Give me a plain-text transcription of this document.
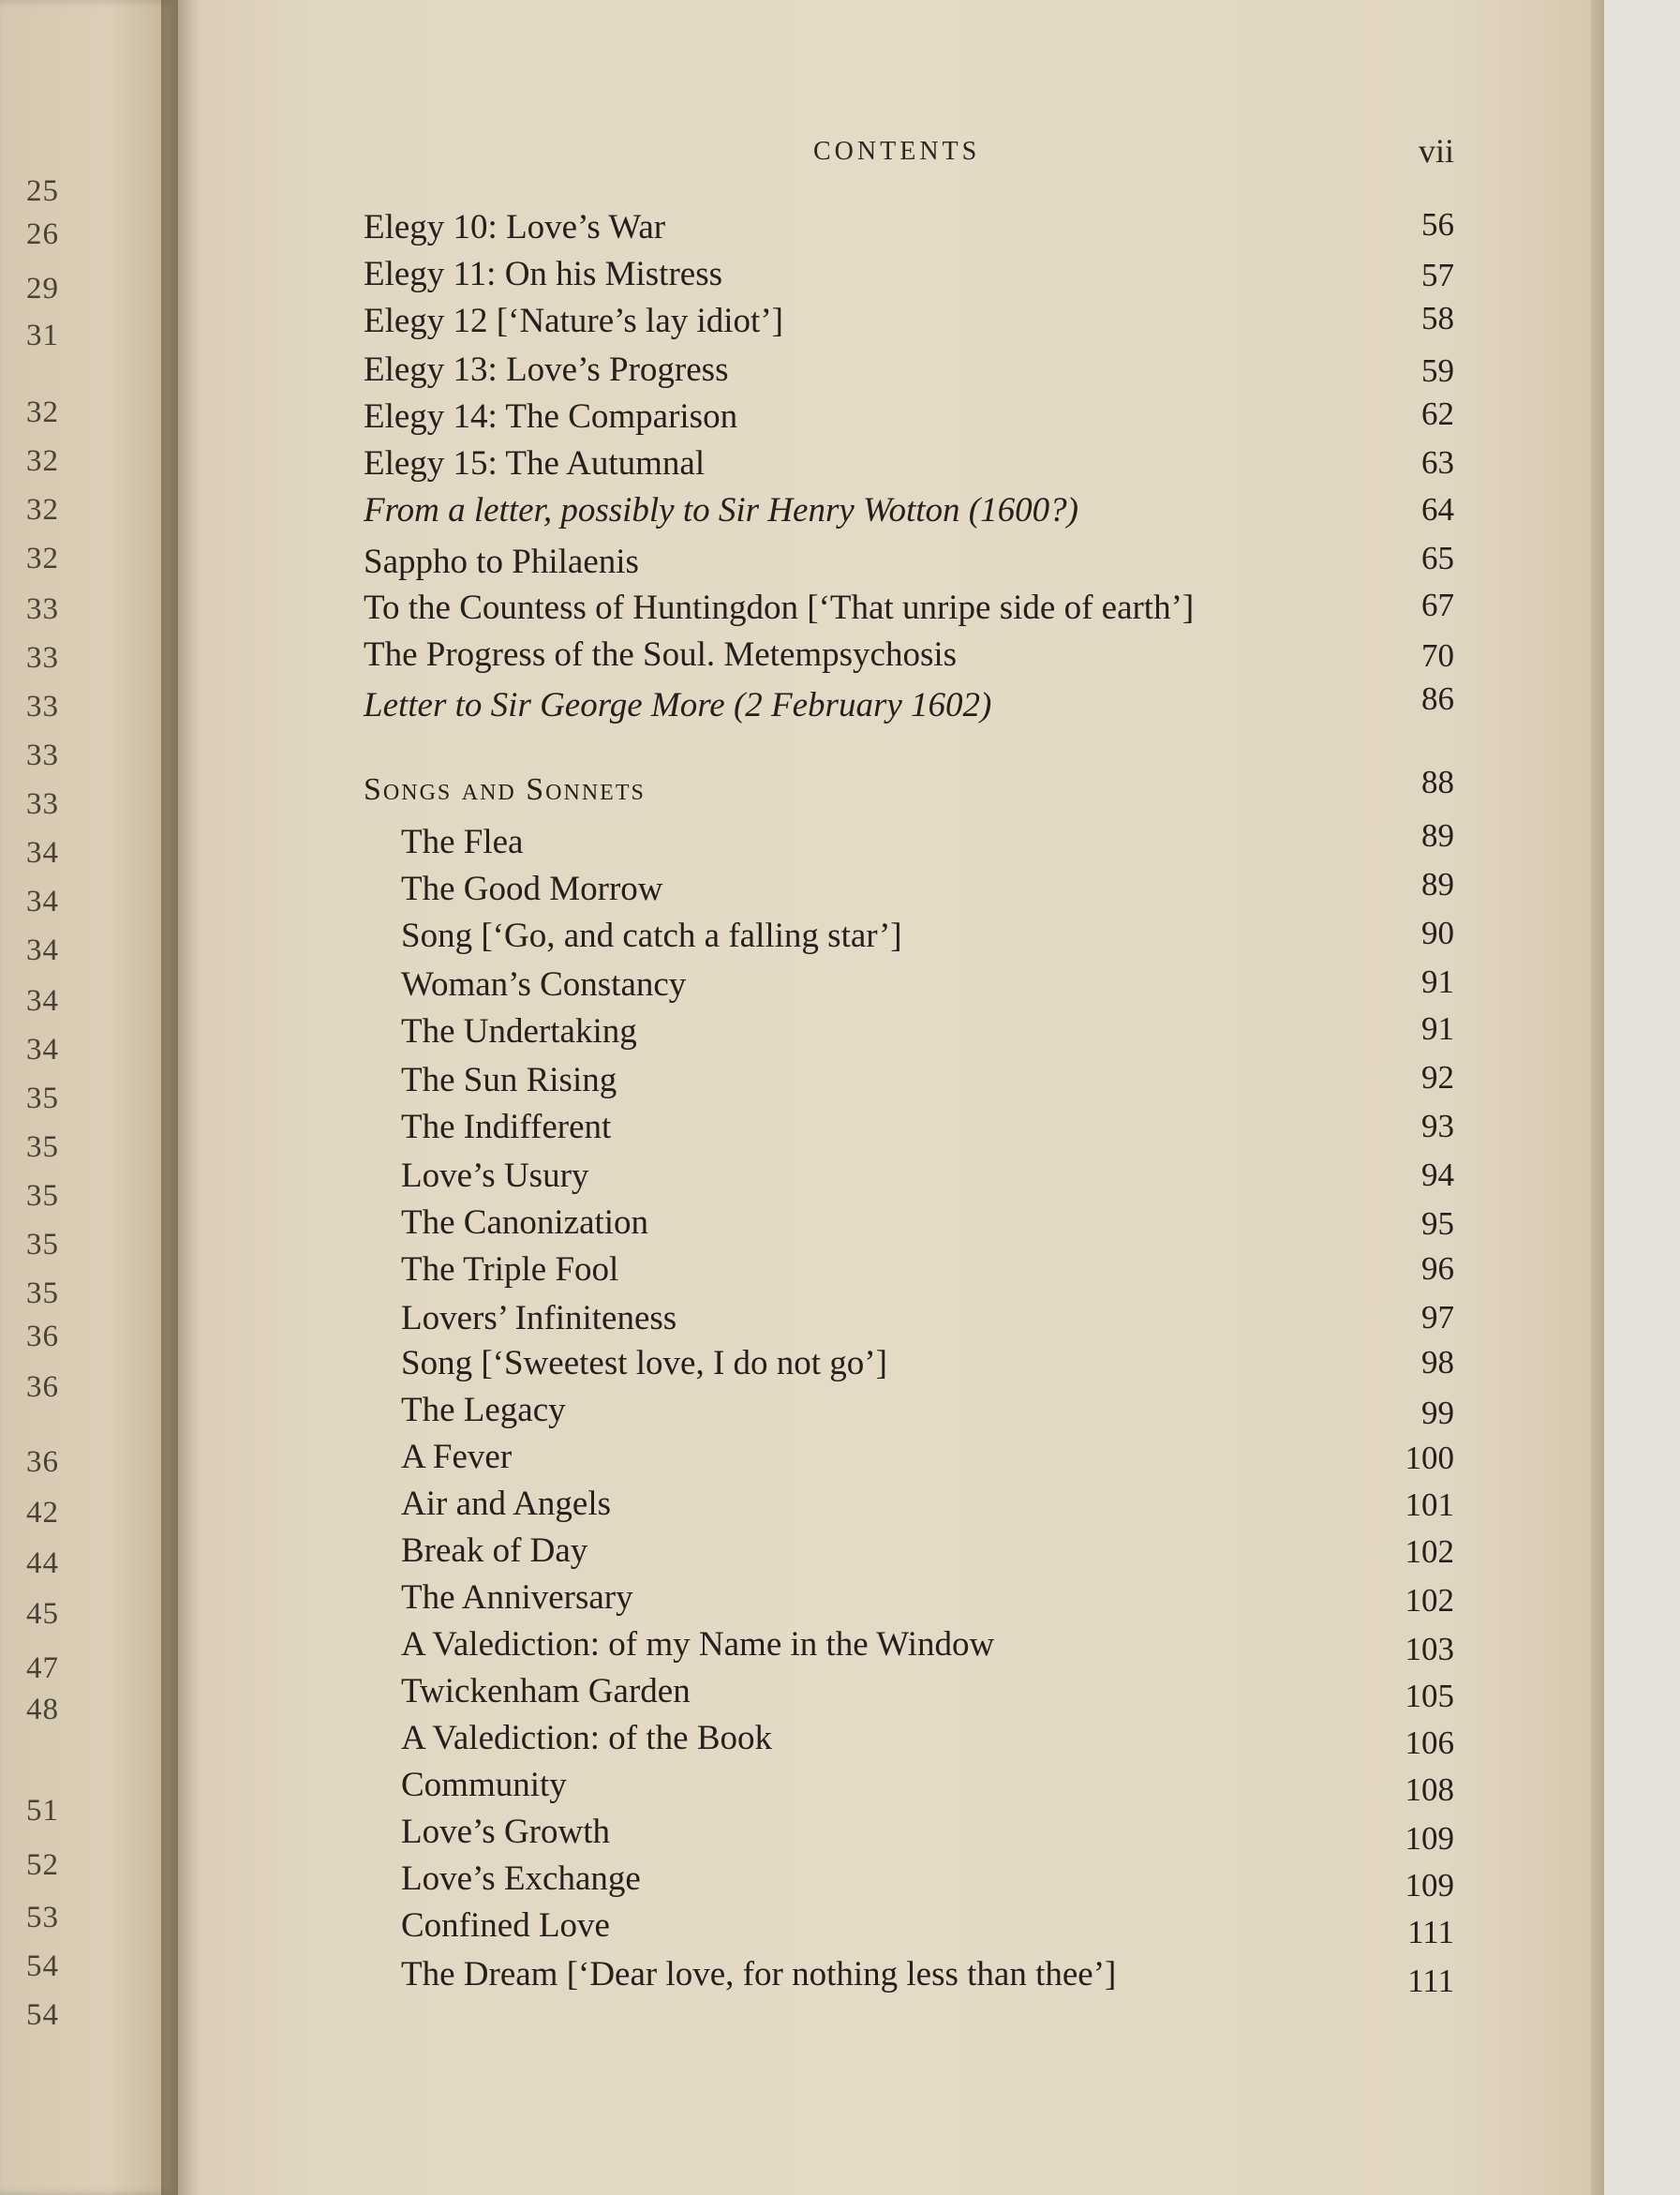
25
26
29
31
32
32
32
32
33
33
33
33
33
34
34
34
34
34
35
35
35
35
35
36
36
36
42
44
45
47
48
51
52
53
54
54
CONTENTS	vii
Elegy 10: Love’s War	56
Elegy 11: On his Mistress	57
Elegy 12 [‘Nature’s lay idiot’]	58
Elegy 13: Love’s Progress	59
Elegy 14: The Comparison	62
Elegy 15: The Autumnal	63
From a letter, possibly to Sir Henry Wotton (1600?)	64
Sappho to Philaenis	65
To the Countess of Huntingdon [‘That unripe side of earth’]	67
The Progress of the Soul. Metempsychosis	70
Letter to Sir George More (2 February 1602)	86
Songs and Sonnets	88
The Flea	89
The Good Morrow	89
Song [‘Go, and catch a falling star’]	90
Woman’s Constancy	91
The Undertaking	91
The Sun Rising	92
The Indifferent	93
Love’s Usury	94
The Canonization	95
The Triple Fool	96
Lovers’ Infiniteness	97
Song [‘Sweetest love, I do not go’]	98
The Legacy	99
A Fever	100
Air and Angels	101
Break of Day	102
The Anniversary	102
A Valediction: of my Name in the Window	103
Twickenham Garden	105
A Valediction: of the Book	106
Community	108
Love’s Growth	109
Love’s Exchange	109
Confined Love	111
The Dream [‘Dear love, for nothing less than thee’]	111
